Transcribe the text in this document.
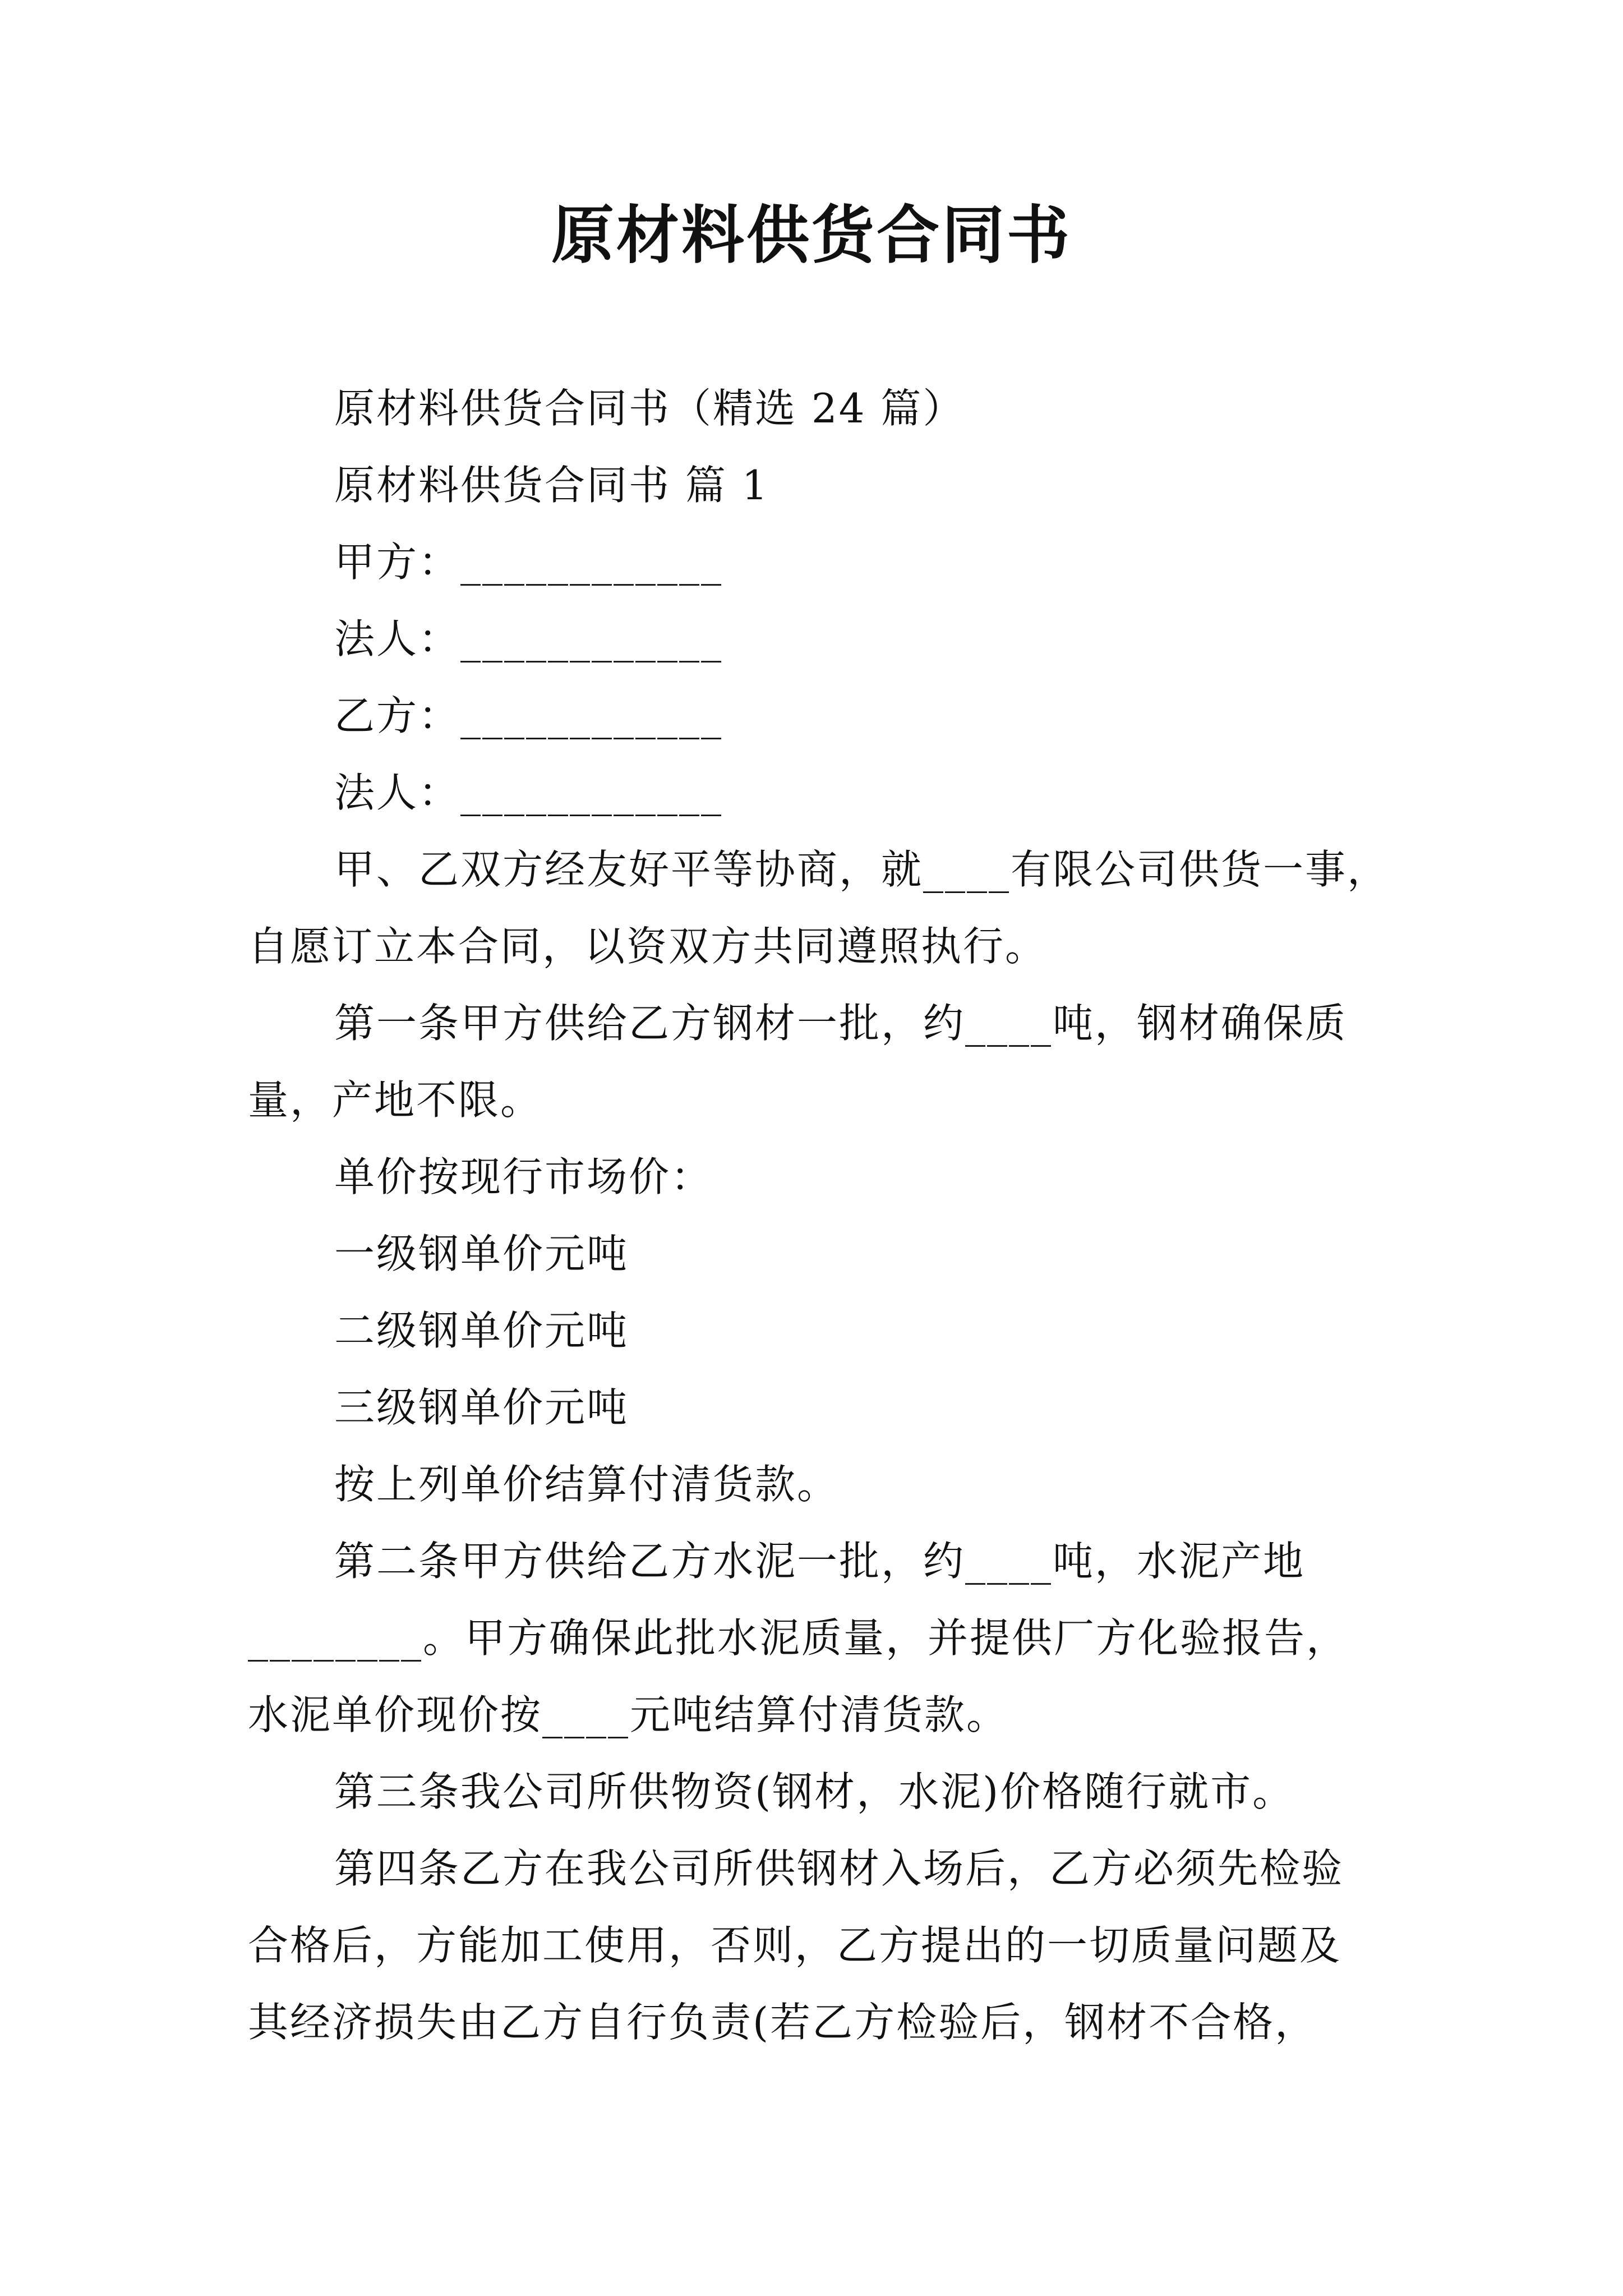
原材料供货合同书
原材料供货合同书（精选 24 篇）
原材料供货合同书 篇 1
甲方：____________
法人：____________
乙方：____________
法人：____________
甲、乙双方经友好平等协商，就____有限公司供货一事，
自愿订立本合同，以资双方共同遵照执行。
第一条甲方供给乙方钢材一批，约____吨，钢材确保质
量，产地不限。
单价按现行市场价：
一级钢单价元吨
二级钢单价元吨
三级钢单价元吨
按上列单价结算付清货款。
第二条甲方供给乙方水泥一批，约____吨，水泥产地
________。甲方确保此批水泥质量，并提供厂方化验报告，
水泥单价现价按____元吨结算付清货款。
第三条我公司所供物资(钢材，水泥)价格随行就市。
第四条乙方在我公司所供钢材入场后，乙方必须先检验
合格后，方能加工使用，否则，乙方提出的一切质量问题及
其经济损失由乙方自行负责(若乙方检验后，钢材不合格，
